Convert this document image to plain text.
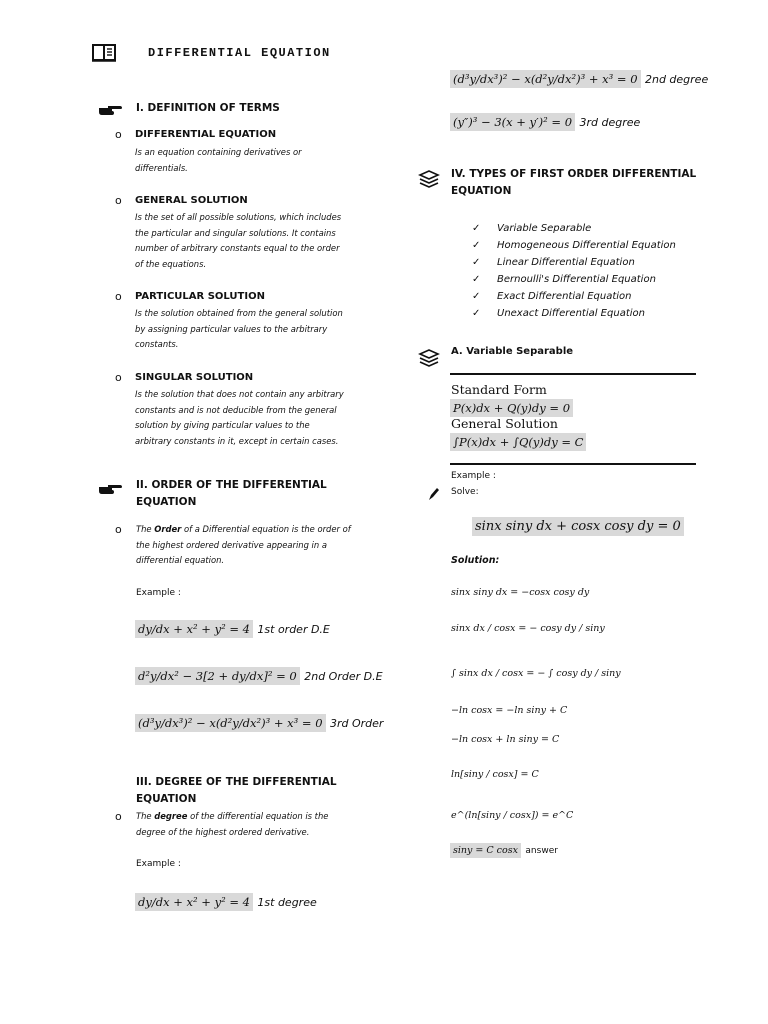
DIFFERENTIAL EQUATION
I. DEFINITION OF TERMS
o DIFFERENTIAL EQUATION
Is an equation containing derivatives or
differentials.
o GENERAL SOLUTION
Is the set of all possible solutions, which includes
the particular and singular solutions. It contains
number of arbitrary constants equal to the order
of the equations.
o PARTICULAR SOLUTION
Is the solution obtained from the general solution
by assigning particular values to the arbitrary
constants.
o SINGULAR SOLUTION
Is the solution that does not contain any arbitrary
constants and is not deducible from the general
solution by giving particular values to the
arbitrary constants in it, except in certain cases.
II. ORDER OF THE DIFFERENTIAL
EQUATION
o The Order of a Differential equation is the order of
the highest ordered derivative appearing in a
differential equation.
Example :
dy/dx + x² + y² = 4 1st order D.E
d²y/dx² − 3[2 + dy/dx]² = 0 2nd Order D.E
(d³y/dx³)² − x(d²y/dx²)³ + x³ = 0 3rd Order
III. DEGREE OF THE DIFFERENTIAL
EQUATION
o The degree of the differential equation is the
degree of the highest ordered derivative.
Example :
dy/dx + x² + y² = 4 1st degree
(d³y/dx³)² − x(d²y/dx²)³ + x³ = 0 2nd degree
(y″)³ − 3(x + y′)² = 0 3rd degree
IV. TYPES OF FIRST ORDER DIFFERENTIAL
EQUATION
✓ Variable Separable
✓ Homogeneous Differential Equation
✓ Linear Differential Equation
✓ Bernoulli's Differential Equation
✓ Exact Differential Equation
✓ Unexact Differential Equation
A. Variable Separable
Standard Form
P(x)dx + Q(y)dy = 0
General Solution
∫P(x)dx + ∫Q(y)dy = C
Example :
Solve:
sinx siny dx + cosx cosy dy = 0
Solution:
sinx siny dx = −cosx cosy dy
sinx dx / cosx = − cosy dy / siny
∫ sinx dx / cosx = − ∫ cosy dy / siny
−ln cosx = −ln siny + C
−ln cosx + ln siny = C
ln[siny / cosx] = C
e^(ln[siny / cosx]) = e^C
siny = C cosx answer
